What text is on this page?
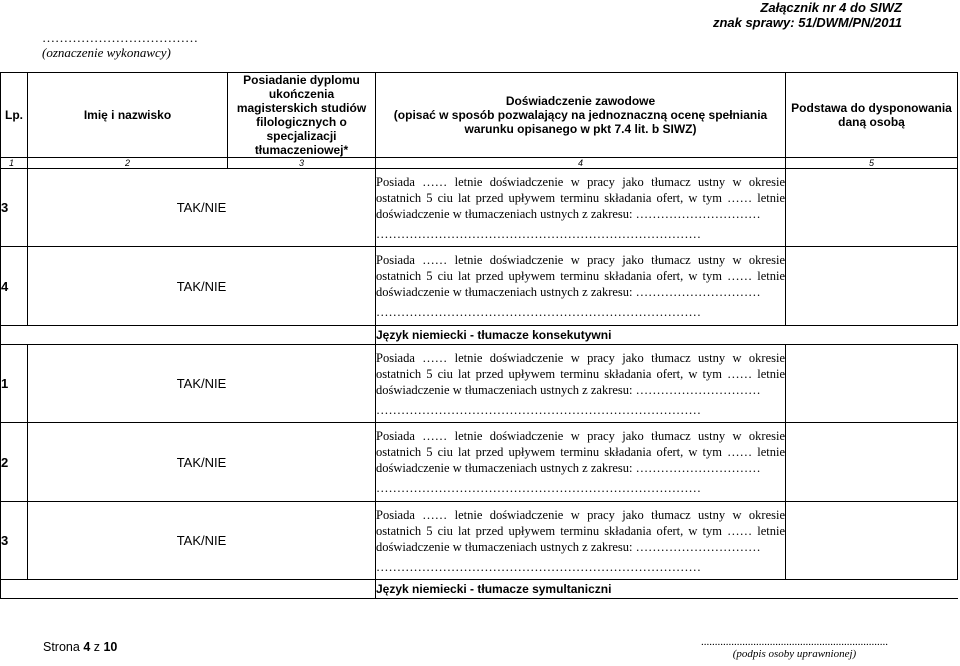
Załącznik nr 4 do SIWZ
znak sprawy: 51/DWM/PN/2011
………………………………
(oznaczenie wykonawcy)
Lp.	Imię i nazwisko	Posiadanie dyplomu ukończenia magisterskich studiów filologicznych o specjalizacji tłumaczeniowej*	Doświadczenie zawodowe
(opisać w sposób pozwalający na jednoznaczną ocenę spełniania warunku opisanego w pkt 7.4 lit. b SIWZ)	Podstawa do dysponowania daną osobą
1	2	3	4	5
3	TAK/NIE		Posiada …… letnie doświadczenie w pracy jako tłumacz ustny w okresie ostatnich 5 ciu lat przed upływem terminu składania ofert, w tym …… letnie doświadczenie w tłumaczeniach ustnych z zakresu: …………………………
……………………………………………………………………	

4	TAK/NIE		Posiada …… letnie doświadczenie w pracy jako tłumacz ustny w okresie ostatnich 5 ciu lat przed upływem terminu składania ofert, w tym …… letnie doświadczenie w tłumaczeniach ustnych z zakresu: …………………………
……………………………………………………………………	

			Język niemiecki - tłumacze konsekutywni	
1	TAK/NIE		Posiada …… letnie doświadczenie w pracy jako tłumacz ustny w okresie ostatnich 5 ciu lat przed upływem terminu składania ofert, w tym …… letnie doświadczenie w tłumaczeniach ustnych z zakresu: …………………………
……………………………………………………………………	

2	TAK/NIE		Posiada …… letnie doświadczenie w pracy jako tłumacz ustny w okresie ostatnich 5 ciu lat przed upływem terminu składania ofert, w tym …… letnie doświadczenie w tłumaczeniach ustnych z zakresu: …………………………
……………………………………………………………………	

3	TAK/NIE		Posiada …… letnie doświadczenie w pracy jako tłumacz ustny w okresie ostatnich 5 ciu lat przed upływem terminu składania ofert, w tym …… letnie doświadczenie w tłumaczeniach ustnych z zakresu: …………………………
……………………………………………………………………	

			Język niemiecki - tłumacze symultaniczni	
Strona 4 z 10	....................................................................
(podpis osoby uprawnionej)
